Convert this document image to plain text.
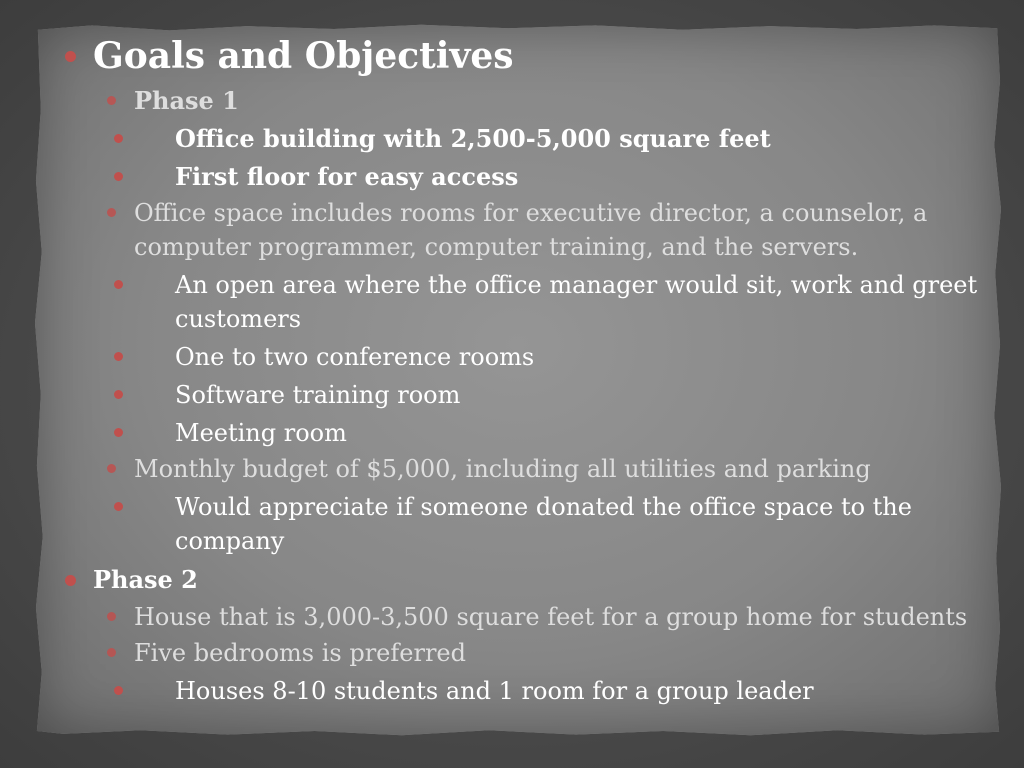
Goals and Objectives
Phase 1
Office building with 2,500-5,000 square feet
First floor for easy access
Office space includes rooms for executive director, a counselor, a computer programmer, computer training, and the servers.
An open area where the office manager would sit, work and greet customers
One to two conference rooms
Software training room
Meeting room
Monthly budget of $5,000, including all utilities and parking
Would appreciate if someone donated the office space to the company
Phase 2
House that is 3,000-3,500 square feet for a group home for students
Five bedrooms is preferred
Houses 8-10 students and 1 room for a group leader
